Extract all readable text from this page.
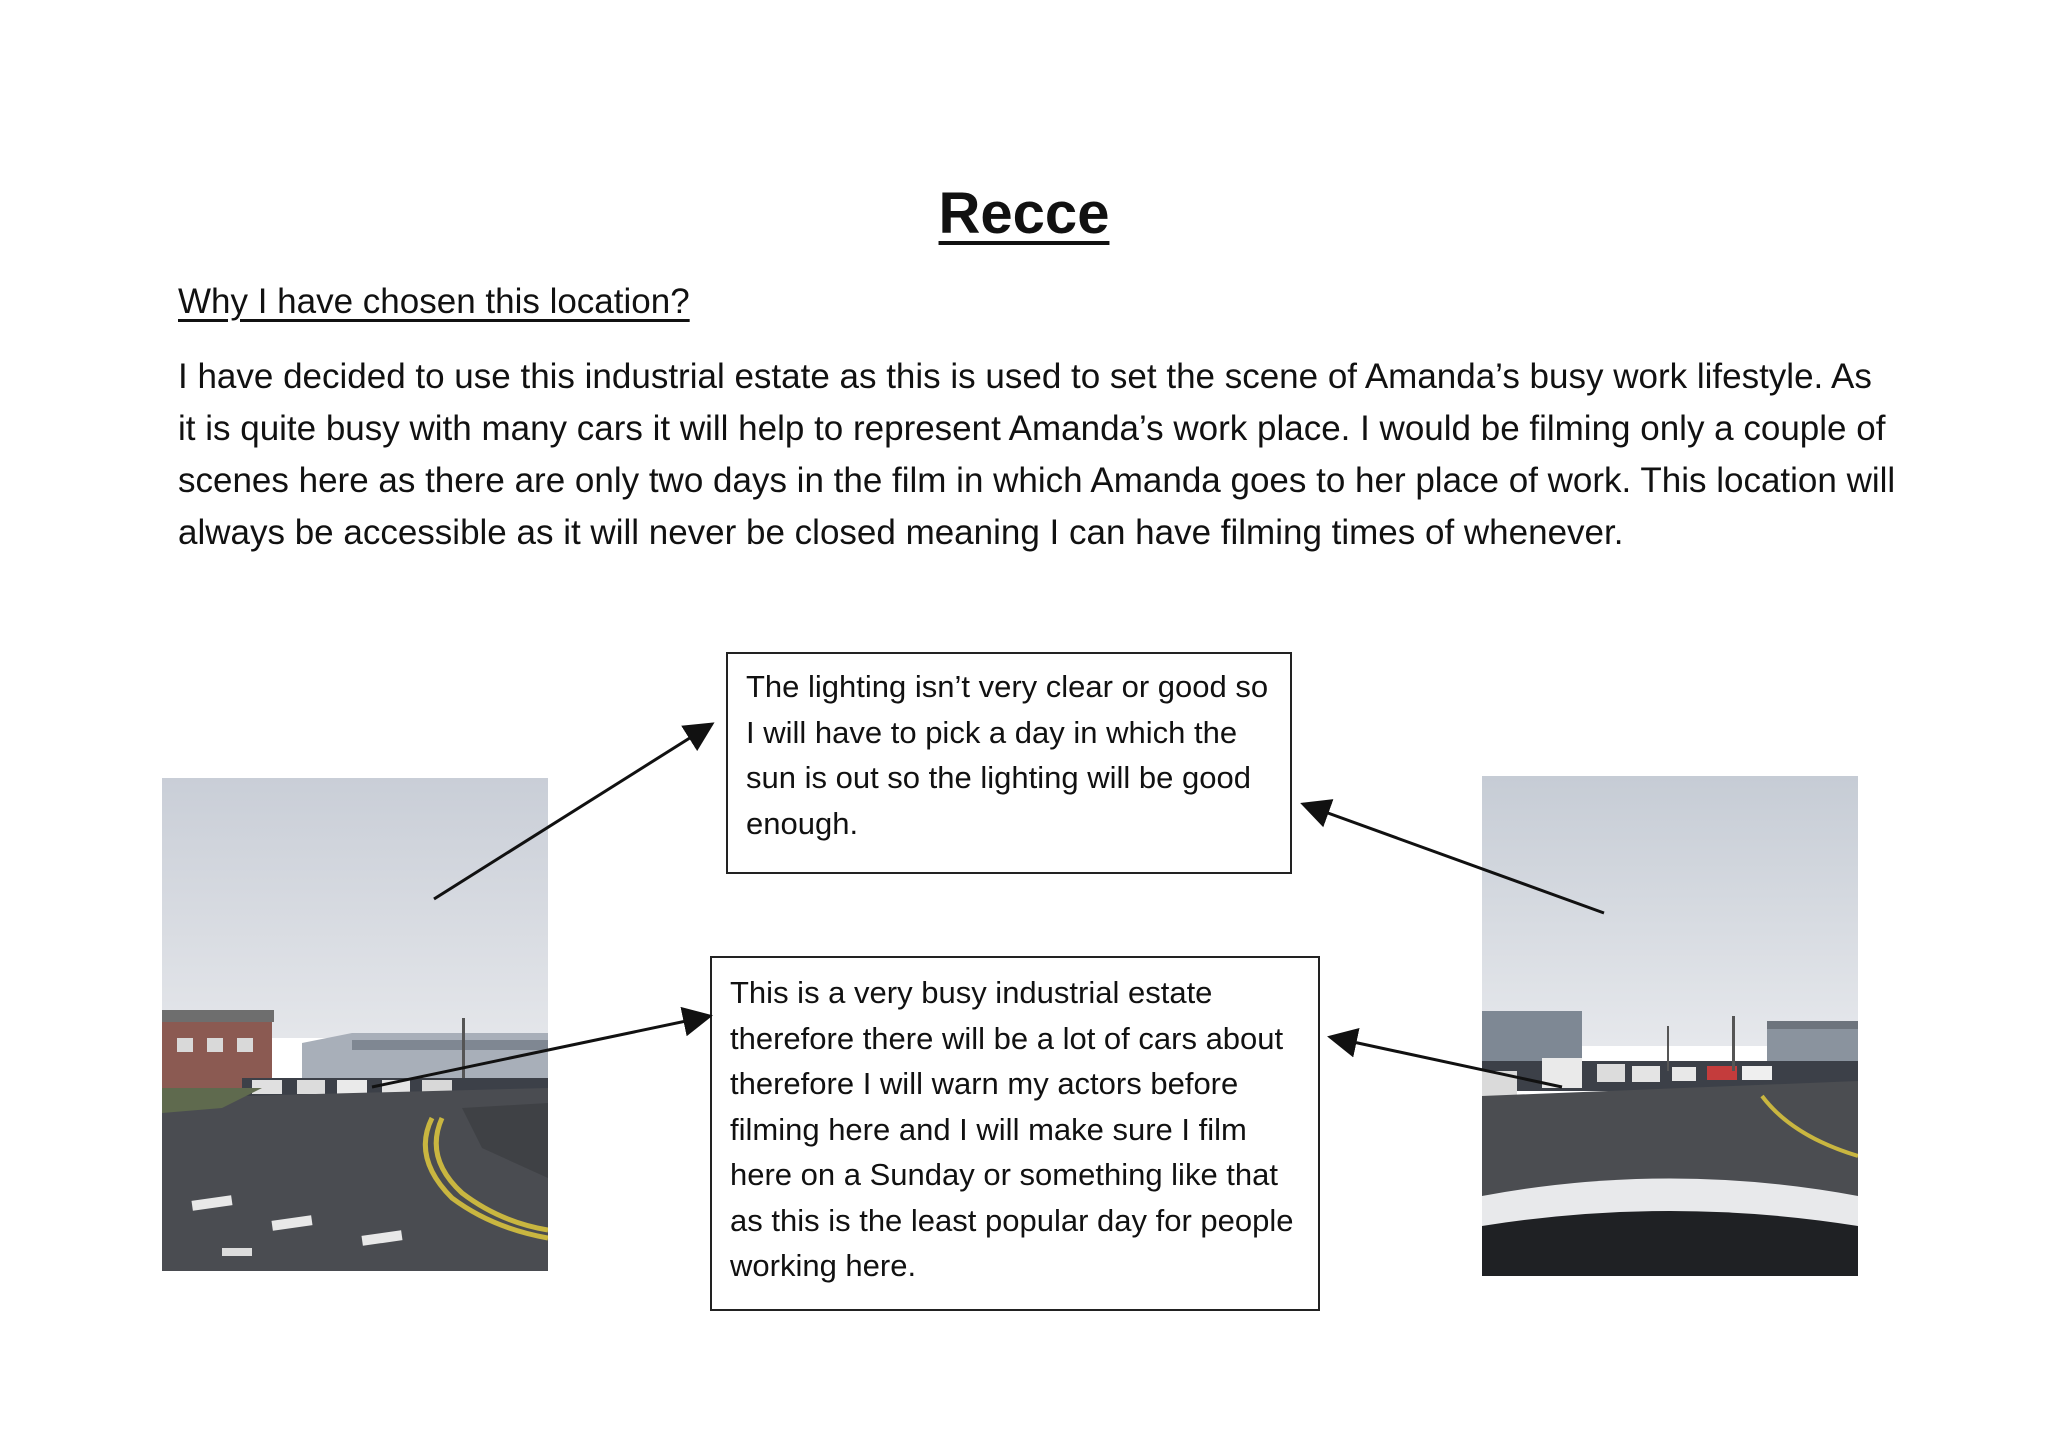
Recce
Why I have chosen this location?

I have decided to use this industrial estate as this is used to set the scene of Amanda’s busy work lifestyle. As it is quite busy with many cars it will help to represent Amanda’s work place. I would be filming only a couple of scenes here as there are only two days in the film in which Amanda goes to her place of work. This location will always be accessible as it will never be closed meaning I can have filming times of whenever.

The lighting isn’t very clear or good so I will have to pick a day in which the sun is out so the lighting will be good enough.
This is a very busy industrial estate therefore there will be a lot of cars about therefore I will warn my actors before filming here and I will make sure I film here on a Sunday or something like that as this is the least popular day for people working here.
